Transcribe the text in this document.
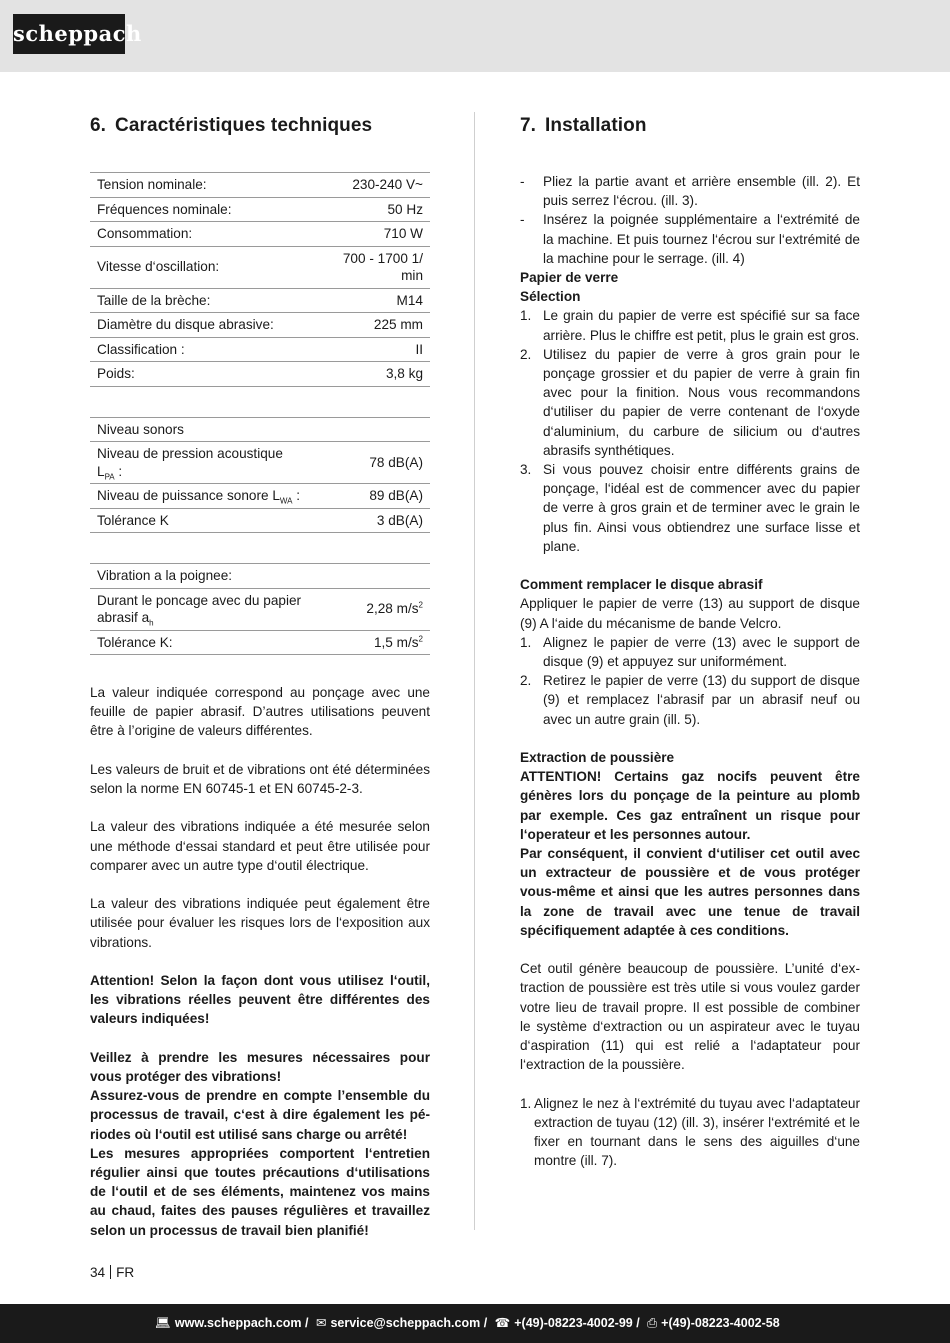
scheppach
6. Caractéristiques techniques
Tension nominale:	230-240 V~
Fréquences nominale:	50 Hz
Consommation:	710 W
Vitesse d‘oscillation:	700 - 1700 1/
min
Taille de la brèche:	M14
Diamètre du disque abrasive:	225 mm
Classification :	II
Poids:	3,8 kg
Niveau sonors	
Niveau de pression acoustique
$L_{PA}$ :	78 dB(A)
Niveau de puissance sonore $L_{WA}$ :	89 dB(A)
Tolérance K	3 dB(A)
Vibration a la poignee:	
Durant le poncage avec du papier
abrasif $a_h$	2,28 $m/s^2$
Tolérance K:	1,5 $m/s^2$

La valeur indiquée correspond au ponçage avec une feuille de papier abrasif. D’autres utilisations peuvent être à l’origine de valeurs différentes.

Les valeurs de bruit et de vibrations ont été déterminées selon la norme EN 60745-1 et EN 60745-2-3.

La valeur des vibrations indiquée a été mesurée selon une méthode d‘essai standard et peut être utilisée pour comparer avec un autre type d‘outil électrique.

La valeur des vibrations indiquée peut également être utilisée pour évaluer les risques lors de l‘exposition aux vibrations.

Attention! Selon la façon dont vous utilisez l‘outil, les vibrations réelles peuvent être différentes des valeurs indiquées!

Veillez à prendre les mesures nécessaires pour vous protéger des vibrations!

Assurez-vous de prendre en compte l’ensemble du processus de travail, c‘est à dire également les périodes où l‘outil est utilisé sans charge ou arrêté!

Les mesures appropriées comportent l‘entretien régulier ainsi que toutes précautions d‘utilisations de l‘outil et de ses éléments, maintenez vos mains au chaud, faites des pauses régulières et travaillez selon un processus de travail bien planifié!

7. Installation
- Pliez la partie avant et arrière ensemble (ill. 2). Et puis serrez l‘écrou. (ill. 3).
- Insérez la poignée supplémentaire a l‘extrémité de la machine. Et puis tournez l‘écrou sur l‘extrémité de la machine pour le serrage. (ill. 4)
Papier de verre
Sélection
1. Le grain du papier de verre est spécifié sur sa face arrière. Plus le chiffre est petit, plus le grain est gros.
2. Utilisez du papier de verre à gros grain pour le ponçage grossier et du papier de verre à grain fin avec pour la finition. Nous vous recommandons d‘utiliser du papier de verre contenant de l‘oxyde d‘aluminium, du carbure de silicium ou d‘autres abrasifs synthétiques.
3. Si vous pouvez choisir entre différents grains de ponçage, l‘idéal est de commencer avec du papier de verre à gros grain et de terminer avec le grain le plus fin. Ainsi vous obtiendrez une surface lisse et plane.
Comment remplacer le disque abrasif

Appliquer le papier de verre (13) au support de disque (9) A l‘aide du mécanisme de bande Velcro.

1. Alignez le papier de verre (13) avec le support de disque (9) et appuyez sur uniformément.
2. Retirez le papier de verre (13) du support de disque (9) et remplacez l‘abrasif par un abrasif neuf ou avec un autre grain (ill. 5).
Extraction de poussière

ATTENTION! Certains gaz nocifs peuvent être génères lors du ponçage de la peinture au plomb par exemple. Ces gaz entraînent un risque pour l‘operateur et les personnes autour.

Par conséquent, il convient d‘utiliser cet outil avec un extracteur de poussière et de vous protéger vous-même et ainsi que les autres personnes dans la zone de travail avec une tenue de travail spécifiquement adaptée à ces conditions.

Cet outil génère beaucoup de poussière. L’unité d‘extraction de poussière est très utile si vous voulez garder votre lieu de travail propre. Il est possible de combiner le système d‘extraction ou un aspirateur avec le tuyau d‘aspiration (11) qui est relié a l‘adaptateur pour l‘extraction de la poussière.

1. Alignez le nez à l‘extrémité du tuyau avec l‘adaptateur extraction de tuyau (12) (ill. 3), insérer l‘extrémité et le fixer en tournant dans le sens des aiguilles d‘une montre (ill. 7).
34 FR
💻︎ www.scheppach.com / ✉︎ service@scheppach.com / ☎︎ +(49)-08223-4002-99 / ⎙ +(49)-08223-4002-58
